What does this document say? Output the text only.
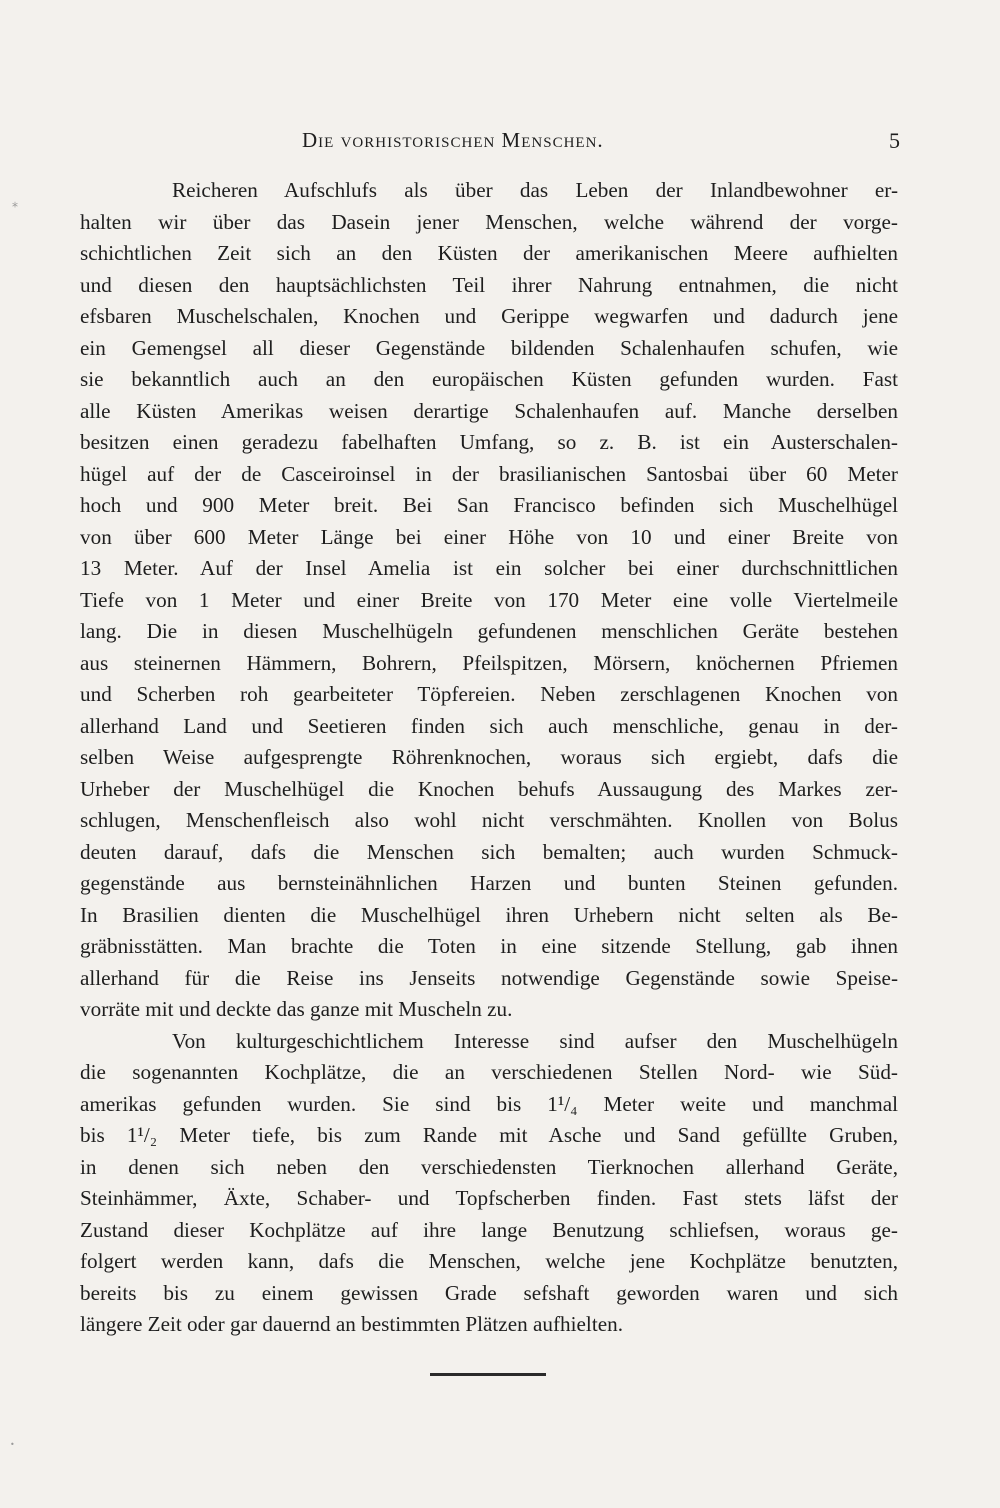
Die vorhistorischen Menschen.	5
Reicheren Aufschlufs als über das Leben der Inlandbewohner er-
halten wir über das Dasein jener Menschen, welche während der vorge-
schichtlichen Zeit sich an den Küsten der amerikanischen Meere aufhielten
und diesen den hauptsächlichsten Teil ihrer Nahrung entnahmen, die nicht
efsbaren Muschelschalen, Knochen und Gerippe wegwarfen und dadurch jene
ein Gemengsel all dieser Gegenstände bildenden Schalenhaufen schufen, wie
sie bekanntlich auch an den europäischen Küsten gefunden wurden. Fast
alle Küsten Amerikas weisen derartige Schalenhaufen auf. Manche derselben
besitzen einen geradezu fabelhaften Umfang, so z. B. ist ein Austerschalen-
hügel auf der de Casceiroinsel in der brasilianischen Santosbai über 60 Meter
hoch und 900 Meter breit. Bei San Francisco befinden sich Muschelhügel
von über 600 Meter Länge bei einer Höhe von 10 und einer Breite von
13 Meter. Auf der Insel Amelia ist ein solcher bei einer durchschnittlichen
Tiefe von 1 Meter und einer Breite von 170 Meter eine volle Viertelmeile
lang. Die in diesen Muschelhügeln gefundenen menschlichen Geräte bestehen
aus steinernen Hämmern, Bohrern, Pfeilspitzen, Mörsern, knöchernen Pfriemen
und Scherben roh gearbeiteter Töpfereien. Neben zerschlagenen Knochen von
allerhand Land und Seetieren finden sich auch menschliche, genau in der-
selben Weise aufgesprengte Röhrenknochen, woraus sich ergiebt, dafs die
Urheber der Muschelhügel die Knochen behufs Aussaugung des Markes zer-
schlugen, Menschenfleisch also wohl nicht verschmähten. Knollen von Bolus
deuten darauf, dafs die Menschen sich bemalten; auch wurden Schmuck-
gegenstände aus bernsteinähnlichen Harzen und bunten Steinen gefunden.
In Brasilien dienten die Muschelhügel ihren Urhebern nicht selten als Be-
gräbnisstätten. Man brachte die Toten in eine sitzende Stellung, gab ihnen
allerhand für die Reise ins Jenseits notwendige Gegenstände sowie Speise-
vorräte mit und deckte das ganze mit Muscheln zu.
Von kulturgeschichtlichem Interesse sind aufser den Muschelhügeln
die sogenannten Kochplätze, die an verschiedenen Stellen Nord- wie Süd-
amerikas gefunden wurden. Sie sind bis 1¹/₄ Meter weite und manchmal
bis 1¹/₂ Meter tiefe, bis zum Rande mit Asche und Sand gefüllte Gruben,
in denen sich neben den verschiedensten Tierknochen allerhand Geräte,
Steinhämmer, Äxte, Schaber- und Topfscherben finden. Fast stets läfst der
Zustand dieser Kochplätze auf ihre lange Benutzung schliefsen, woraus ge-
folgert werden kann, dafs die Menschen, welche jene Kochplätze benutzten,
bereits bis zu einem gewissen Grade sefshaft geworden waren und sich
längere Zeit oder gar dauernd an bestimmten Plätzen aufhielten.
⁎
•
